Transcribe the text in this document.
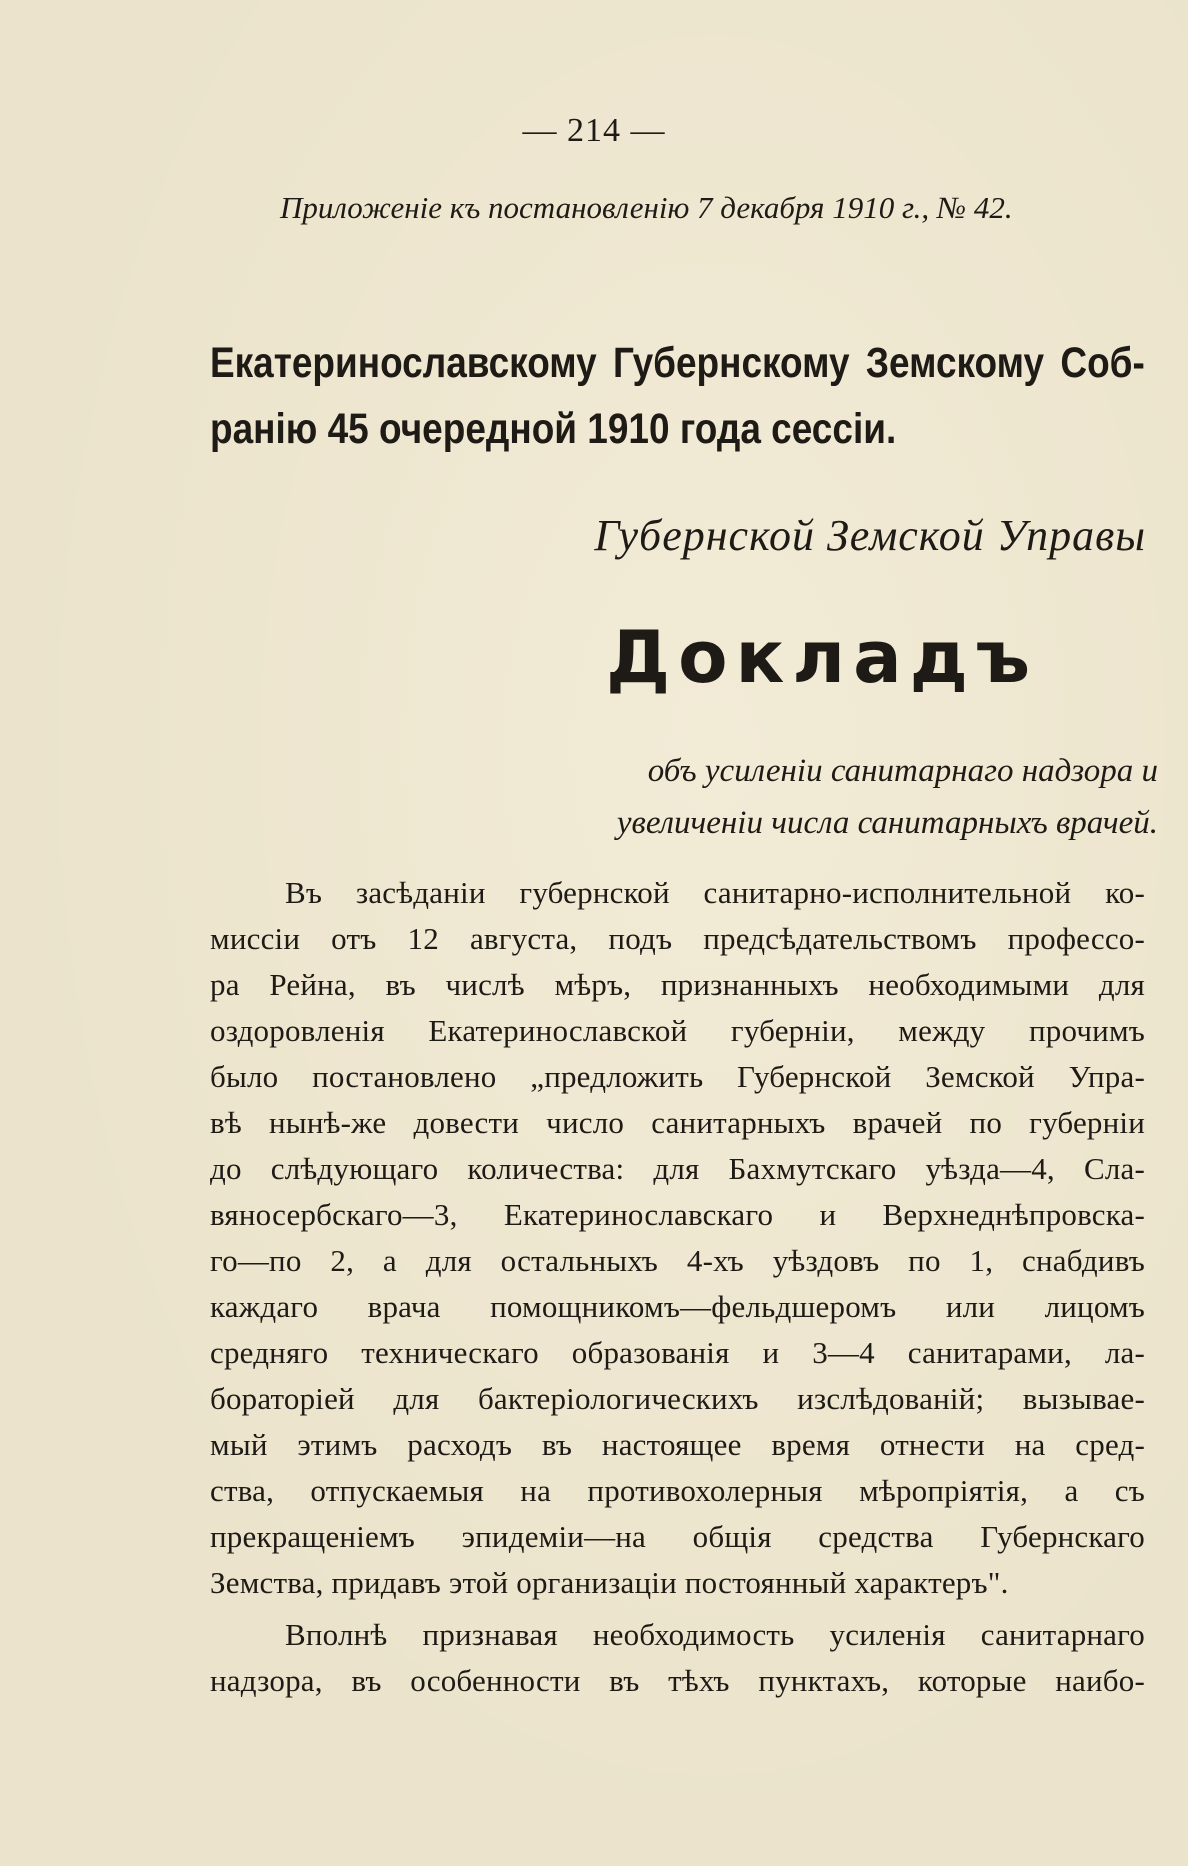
— 214 —
Приложеніе къ постановленію 7 декабря 1910 г., № 42.
Екатеринославскому Губернскому Земскому Соб-
ранію 45 очередной 1910 года сессіи.
Губернской Земской Управы
Докладъ
объ усиленіи санитарнаго надзора и
увеличеніи числа санитарныхъ врачей.

Въ засѣданіи губернской санитарно-исполнительной ко-
миссіи отъ 12 августа, подъ предсѣдательствомъ профессо-
ра Рейна, въ числѣ мѣръ, признанныхъ необходимыми для
оздоровленія Екатеринославской губерніи, между прочимъ
было постановлено „предложить Губернской Земской Упра-
вѣ нынѣ-же довести число санитарныхъ врачей по губерніи
до слѣдующаго количества: для Бахмутскаго уѣзда—4, Сла-
вяносербскаго—3, Екатеринославскаго и Верхнеднѣпровска-
го—по 2, а для остальныхъ 4-хъ уѣздовъ по 1, снабдивъ
каждаго врача помощникомъ—фельдшеромъ или лицомъ
средняго техническаго образованія и 3—4 санитарами, ла-
бораторіей для бактеріологическихъ изслѣдованій; вызывае-
мый этимъ расходъ въ настоящее время отнести на сред-
ства, отпускаемыя на противохолерныя мѣропріятія, а съ
прекращеніемъ эпидеміи—на общія средства Губернскаго
Земства, придавъ этой организаціи постоянный характеръ".

Вполнѣ признавая необходимость усиленія санитарнаго
надзора, въ особенности въ тѣхъ пунктахъ, которые наибо-
